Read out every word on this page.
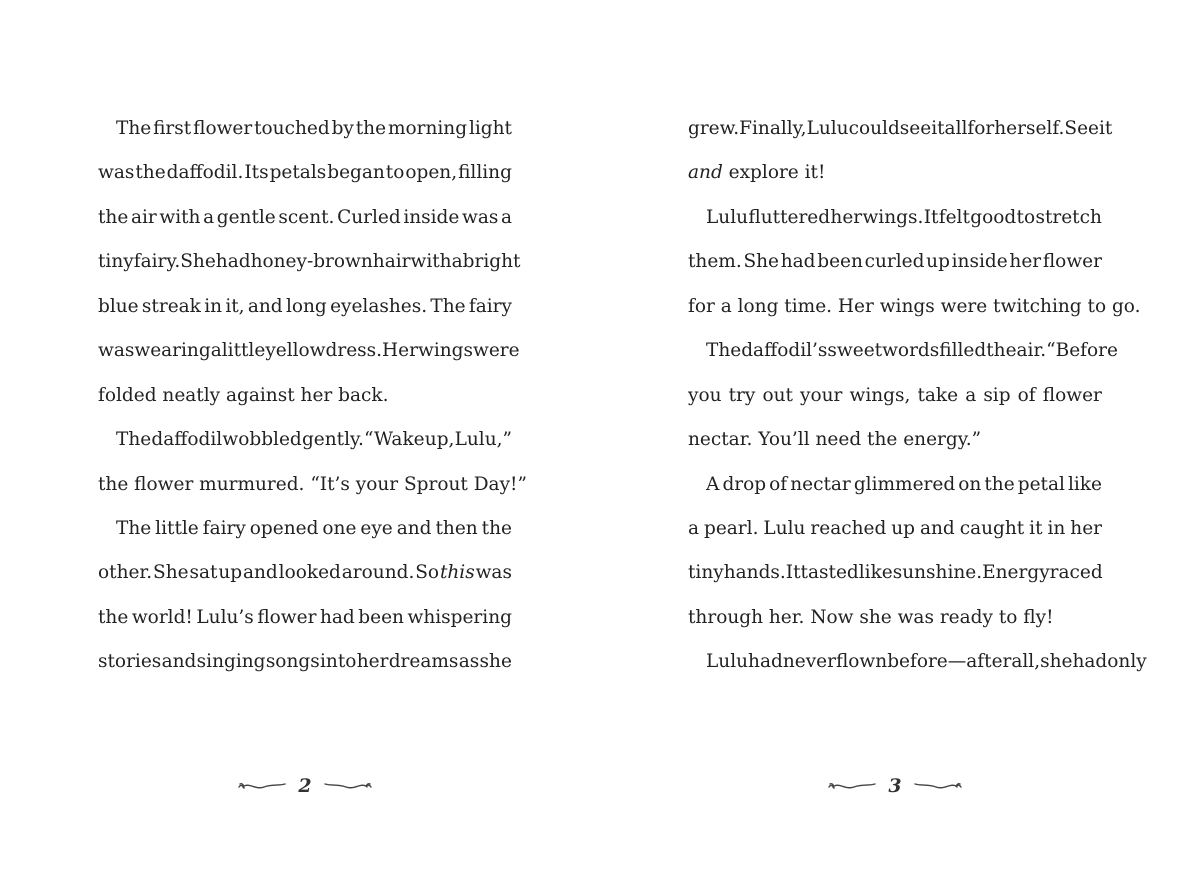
The first flower touched by the morning light
was the daffodil. Its petals began to open, filling
the air with a gentle scent. Curled inside was a
tiny fairy. She had honey-brown hair with a bright
blue streak in it, and long eyelashes. The fairy
was wearing a little yellow dress. Her wings were
folded neatly against her back.
The daffodil wobbled gently. “Wake up, Lulu,”
the flower murmured. “It’s your Sprout Day!”
The little fairy opened one eye and then the
other. She sat up and looked around. So this was
the world! Lulu’s flower had been whispering
stories and singing songs into her dreams as she
2
grew. Finally, Lulu could see it all for herself. See it
and explore it!
Lulu fluttered her wings. It felt good to stretch
them. She had been curled up inside her flower
for a long time. Her wings were twitching to go.
The daffodil’s sweet words filled the air. “Before
you try out your wings, take a sip of flower
nectar. You’ll need the energy.”
A drop of nectar glimmered on the petal like
a pearl. Lulu reached up and caught it in her
tiny hands. It tasted like sunshine. Energy raced
through her. Now she was ready to fly!
Lulu had never flown before—after all, she had only
3
